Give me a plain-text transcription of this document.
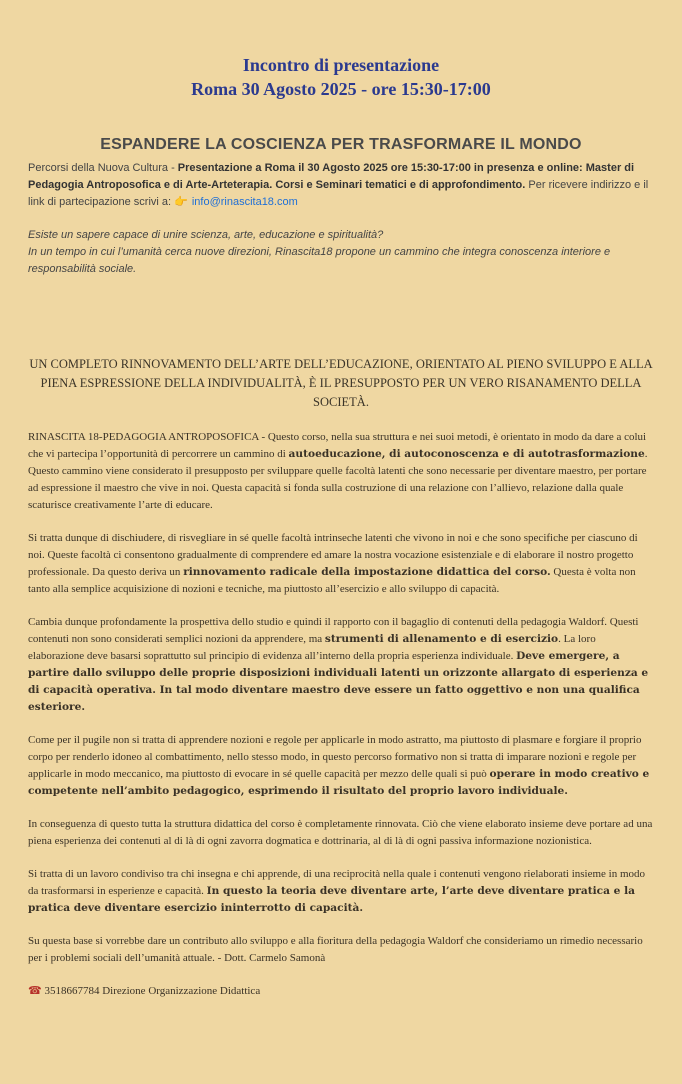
Incontro di presentazione
Roma 30 Agosto 2025 - ore 15:30-17:00
ESPANDERE LA COSCIENZA PER TRASFORMARE IL MONDO
Percorsi della Nuova Cultura - Presentazione a Roma il 30 Agosto 2025 ore 15:30-17:00 in presenza e online: Master di Pedagogia Antroposofica e di Arte-Arteterapia. Corsi e Seminari tematici e di approfondimento. Per ricevere indirizzo e il link di partecipazione scrivi a: 👉 info@rinascita18.com
Esiste un sapere capace di unire scienza, arte, educazione e spiritualità?
In un tempo in cui l’umanità cerca nuove direzioni, Rinascita18 propone un cammino che integra conoscenza interiore e responsabilità sociale.
UN COMPLETO RINNOVAMENTO DELL’ARTE DELL’EDUCAZIONE, ORIENTATO AL PIENO SVILUPPO E ALLA PIENA ESPRESSIONE DELLA INDIVIDUALITÀ, È IL PRESUPPOSTO PER UN VERO RISANAMENTO DELLA SOCIETÀ.

RINASCITA 18-PEDAGOGIA ANTROPOSOFICA - Questo corso, nella sua struttura e nei suoi metodi, è orientato in modo da dare a colui che vi partecipa l’opportunità di percorrere un cammino di autoeducazione, di autoconoscenza e di autotrasformazione. Questo cammino viene considerato il presupposto per sviluppare quelle facoltà latenti che sono necessarie per diventare maestro, per portare ad espressione il maestro che vive in noi. Questa capacità si fonda sulla costruzione di una relazione con l’allievo, relazione dalla quale scaturisce creativamente l’arte di educare.

Si tratta dunque di dischiudere, di risvegliare in sé quelle facoltà intrinseche latenti che vivono in noi e che sono specifiche per ciascuno di noi. Queste facoltà ci consentono gradualmente di comprendere ed amare la nostra vocazione esistenziale e di elaborare il nostro progetto professionale. Da questo deriva un rinnovamento radicale della impostazione didattica del corso. Questa è volta non tanto alla semplice acquisizione di nozioni e tecniche, ma piuttosto all’esercizio e allo sviluppo di capacità.

Cambia dunque profondamente la prospettiva dello studio e quindi il rapporto con il bagaglio di contenuti della pedagogia Waldorf. Questi contenuti non sono considerati semplici nozioni da apprendere, ma strumenti di allenamento e di esercizio. La loro elaborazione deve basarsi soprattutto sul principio di evidenza all’interno della propria esperienza individuale. Deve emergere, a partire dallo sviluppo delle proprie disposizioni individuali latenti un orizzonte allargato di esperienza e di capacità operativa. In tal modo diventare maestro deve essere un fatto oggettivo e non una qualifica esteriore.

Come per il pugile non si tratta di apprendere nozioni e regole per applicarle in modo astratto, ma piuttosto di plasmare e forgiare il proprio corpo per renderlo idoneo al combattimento, nello stesso modo, in questo percorso formativo non si tratta di imparare nozioni e regole per applicarle in modo meccanico, ma piuttosto di evocare in sé quelle capacità per mezzo delle quali si può operare in modo creativo e competente nell’ambito pedagogico, esprimendo il risultato del proprio lavoro individuale.

In conseguenza di questo tutta la struttura didattica del corso è completamente rinnovata. Ciò che viene elaborato insieme deve portare ad una piena esperienza dei contenuti al di là di ogni zavorra dogmatica e dottrinaria, al di là di ogni passiva informazione nozionistica.

Si tratta di un lavoro condiviso tra chi insegna e chi apprende, di una reciprocità nella quale i contenuti vengono rielaborati insieme in modo da trasformarsi in esperienze e capacità. In questo la teoria deve diventare arte, l’arte deve diventare pratica e la pratica deve diventare esercizio ininterrotto di capacità.

Su questa base si vorrebbe dare un contributo allo sviluppo e alla fioritura della pedagogia Waldorf che consideriamo un rimedio necessario per i problemi sociali dell’umanità attuale. - Dott. Carmelo Samonà

☎ 3518667784 Direzione Organizzazione Didattica
